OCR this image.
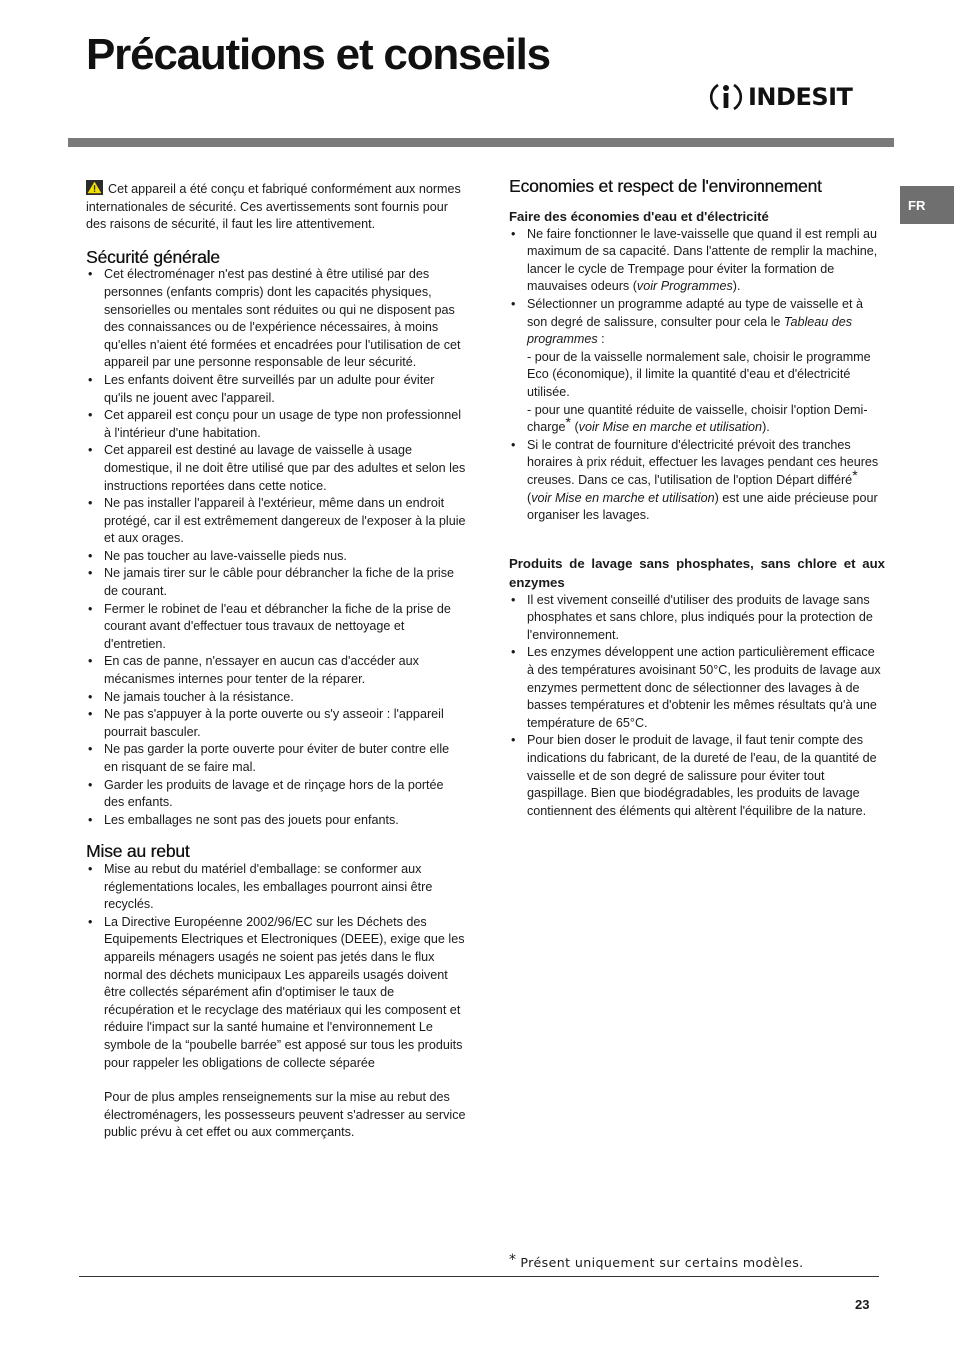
Précautions et conseils
INDESIT
FR

Cet appareil a été conçu et fabriqué conformément aux normes internationales de sécurité. Ces avertissements sont fournis pour des raisons de sécurité, il faut les lire attentivement.

Sécurité générale
• Cet électroménager n'est pas destiné à être utilisé par des personnes (enfants compris) dont les capacités physiques, sensorielles ou mentales sont réduites ou qui ne disposent pas des connaissances ou de l'expérience nécessaires, à moins qu'elles n'aient été formées et encadrées pour l'utilisation de cet appareil par une personne responsable de leur sécurité.
• Les enfants doivent être surveillés par un adulte pour éviter qu'ils ne jouent avec l'appareil.
• Cet appareil est conçu pour un usage de type non professionnel à l'intérieur d'une habitation.
• Cet appareil est destiné au lavage de vaisselle à usage domestique, il ne doit être utilisé que par des adultes et selon les instructions reportées dans cette notice.
• Ne pas installer l'appareil à l'extérieur, même dans un endroit protégé, car il est extrêmement dangereux de l'exposer à la pluie et aux orages.
• Ne pas toucher au lave-vaisselle pieds nus.
• Ne jamais tirer sur le câble pour débrancher la fiche de la prise de courant.
• Fermer le robinet de l'eau et débrancher la fiche de la prise de courant avant d'effectuer tous travaux de nettoyage et d'entretien.
• En cas de panne, n'essayer en aucun cas d'accéder aux mécanismes internes pour tenter de la réparer.
• Ne jamais toucher à la résistance.
• Ne pas s'appuyer à la porte ouverte ou s'y asseoir : l'appareil pourrait basculer.
• Ne pas garder la porte ouverte pour éviter de buter contre elle en risquant de se faire mal.
• Garder les produits de lavage et de rinçage hors de la portée des enfants.
• Les emballages ne sont pas des jouets pour enfants.
Mise au rebut
• Mise au rebut du matériel d'emballage: se conformer aux réglementations locales, les emballages pourront ainsi être recyclés.
• La Directive Européenne 2002/96/EC sur les Déchets des Equipements Electriques et Electroniques (DEEE), exige que les appareils ménagers usagés ne soient pas jetés dans le flux normal des déchets municipaux Les appareils usagés doivent être collectés séparément afin d'optimiser le taux de récupération et le recyclage des matériaux qui les composent et réduire l'impact sur la santé humaine et l'environnement Le symbole de la “poubelle barrée” est apposé sur tous les produits pour rappeler les obligations de collecte séparée
Pour de plus amples renseignements sur la mise au rebut des électroménagers, les possesseurs peuvent s'adresser au service public prévu à cet effet ou aux commerçants.
Economies et respect de l'environnement
Faire des économies d'eau et d'électricité
• Ne faire fonctionner le lave-vaisselle que quand il est rempli au maximum de sa capacité. Dans l'attente de remplir la machine, lancer le cycle de Trempage pour éviter la formation de mauvaises odeurs (voir Programmes).

• Sélectionner un programme adapté au type de vaisselle et à son degré de salissure, consulter pour cela le Tableau des programmes :

- pour de la vaisselle normalement sale, choisir le programme Eco (économique), il limite la quantité d'eau et d'électricité utilisée.

- pour une quantité réduite de vaisselle, choisir l'option Demi-charge* (voir Mise en marche et utilisation).

• Si le contrat de fourniture d'électricité prévoit des tranches horaires à prix réduit, effectuer les lavages pendant ces heures creuses. Dans ce cas, l'utilisation de l'option Départ différé* (voir Mise en marche et utilisation) est une aide précieuse pour organiser les lavages.
Produits de lavage sans phosphates, sans chlore et aux enzymes
• Il est vivement conseillé d'utiliser des produits de lavage sans phosphates et sans chlore, plus indiqués pour la protection de l'environnement.
• Les enzymes développent une action particulièrement efficace à des températures avoisinant 50°C, les produits de lavage aux enzymes permettent donc de sélectionner des lavages à de basses températures et d'obtenir les mêmes résultats qu'à une température de 65°C.
• Pour bien doser le produit de lavage, il faut tenir compte des indications du fabricant, de la dureté de l'eau, de la quantité de vaisselle et de son degré de salissure pour éviter tout gaspillage. Bien que biodégradables, les produits de lavage contiennent des éléments qui altèrent l'équilibre de la nature.
* Présent uniquement sur certains modèles.
23
